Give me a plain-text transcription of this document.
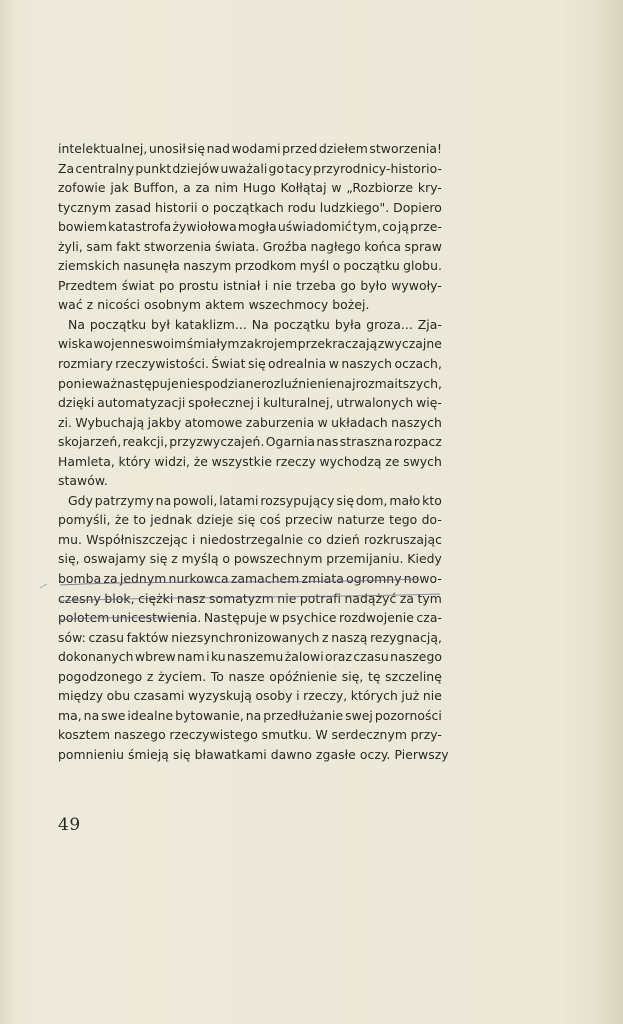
intelektualnej, unosił się nad wodami przed dziełem stworzenia!
Za centralny punkt dziejów uważali go tacy przyrodnicy-historio-
zofowie jak Buffon, a za nim Hugo Kołłątaj w „Rozbiorze kry-
tycznym zasad historii o początkach rodu ludzkiego". Dopiero
bowiem katastrofa żywiołowa mogła uświadomić tym, co ją prze-
żyli, sam fakt stworzenia świata. Groźba nagłego końca spraw
ziemskich nasunęła naszym przodkom myśl o początku globu.
Przedtem świat po prostu istniał i nie trzeba go było wywoły-
wać z nicości osobnym aktem wszechmocy bożej.
Na początku był kataklizm... Na początku była groza... Zja-
wiska wojenne swoim śmiałym zakrojem przekraczają zwyczajne
rozmiary rzeczywistości. Świat się odrealnia w naszych oczach,
ponieważ następuje niespodziane rozluźnienie najrozmaitszych,
dzięki automatyzacji społecznej i kulturalnej, utrwalonych wię-
zi. Wybuchają jakby atomowe zaburzenia w układach naszych
skojarzeń, reakcji, przyzwyczajeń. Ogarnia nas straszna rozpacz
Hamleta, który widzi, że wszystkie rzeczy wychodzą ze swych
stawów.
Gdy patrzymy na powoli, latami rozsypujący się dom, mało kto
pomyśli, że to jednak dzieje się coś przeciw naturze tego do-
mu. Współniszczejąc i niedostrzegalnie co dzień rozkruszając
się, oswajamy się z myślą o powszechnym przemijaniu. Kiedy
bomba za jednym nurkowca zamachem zmiata ogromny nowo-
czesny blok, ciężki nasz somatyzm nie potrafi nadążyć za tym
polotem unicestwienia. Następuje w psychice rozdwojenie cza-
sów: czasu faktów niezsynchronizowanych z naszą rezygnacją,
dokonanych wbrew nam i ku naszemu żalowi oraz czasu naszego
pogodzonego z życiem. To nasze opóźnienie się, tę szczelinę
między obu czasami wyzyskują osoby i rzeczy, których już nie
ma, na swe idealne bytowanie, na przedłużanie swej pozorności
kosztem naszego rzeczywistego smutku. W serdecznym przy-
pomnieniu śmieją się bławatkami dawno zgasłe oczy. Pierwszy
49
